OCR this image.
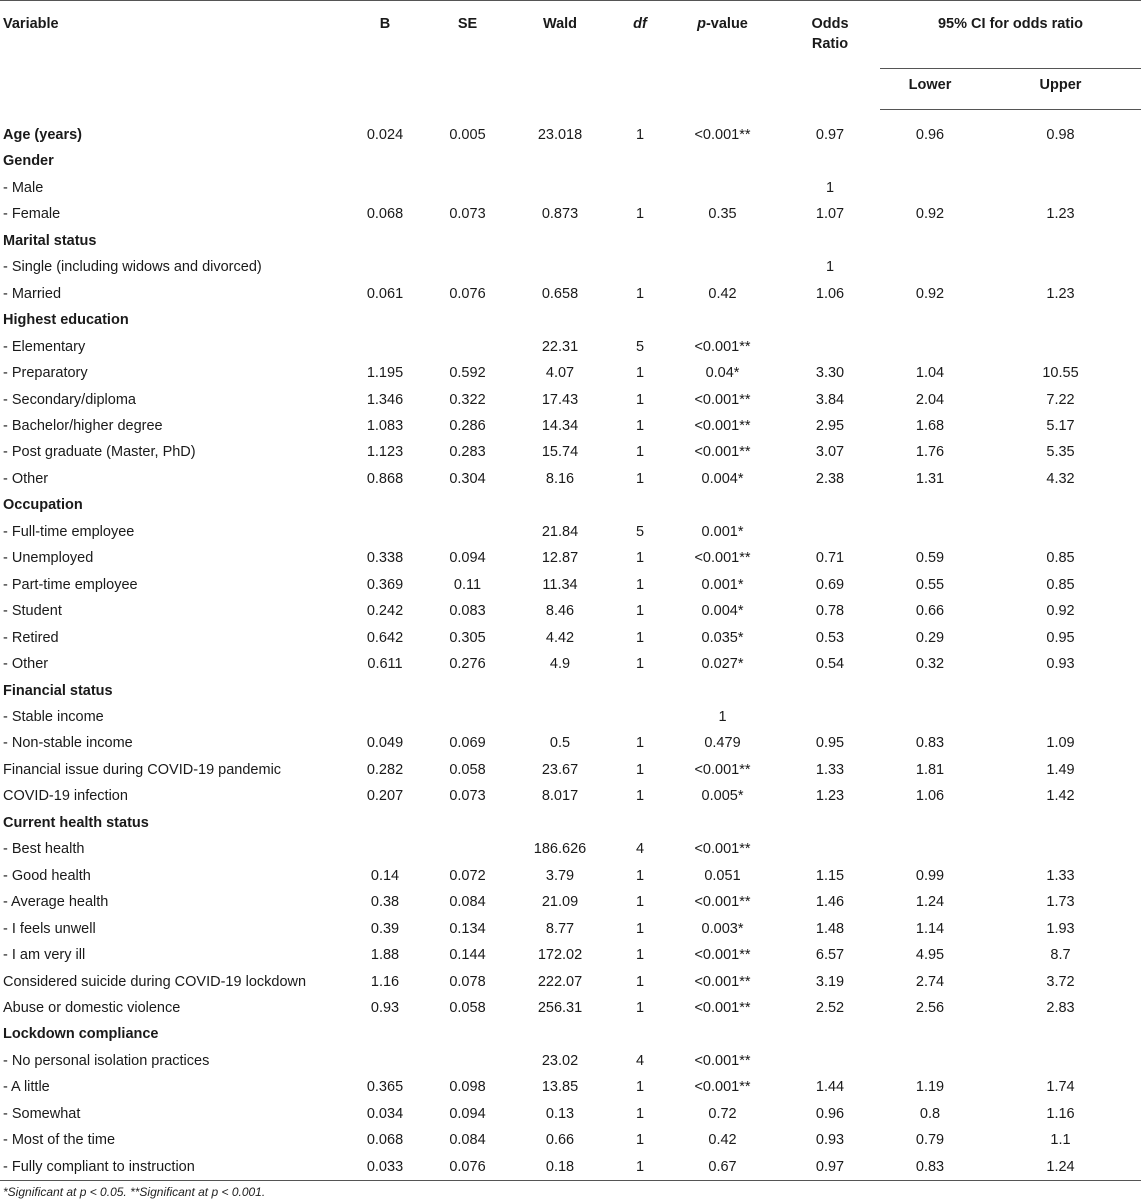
Variable	B	SE	Wald	df	p-value	Odds
Ratio	95% CI for odds ratio	
							Lower	Upper

Age (years)	0.024	0.005	23.018	1	<0.001**	0.97	0.96	0.98
Gender								
- Male						1		
- Female	0.068	0.073	0.873	1	0.35	1.07	0.92	1.23
Marital status								
- Single (including widows and divorced)						1		
- Married	0.061	0.076	0.658	1	0.42	1.06	0.92	1.23
Highest education								
- Elementary			22.31	5	<0.001**			
- Preparatory	1.195	0.592	4.07	1	0.04*	3.30	1.04	10.55
- Secondary/diploma	1.346	0.322	17.43	1	<0.001**	3.84	2.04	7.22
- Bachelor/higher degree	1.083	0.286	14.34	1	<0.001**	2.95	1.68	5.17
- Post graduate (Master, PhD)	1.123	0.283	15.74	1	<0.001**	3.07	1.76	5.35
- Other	0.868	0.304	8.16	1	0.004*	2.38	1.31	4.32
Occupation								
- Full-time employee			21.84	5	0.001*			
- Unemployed	0.338	0.094	12.87	1	<0.001**	0.71	0.59	0.85
- Part-time employee	0.369	0.11	11.34	1	0.001*	0.69	0.55	0.85
- Student	0.242	0.083	8.46	1	0.004*	0.78	0.66	0.92
- Retired	0.642	0.305	4.42	1	0.035*	0.53	0.29	0.95
- Other	0.611	0.276	4.9	1	0.027*	0.54	0.32	0.93
Financial status								
- Stable income					1			
- Non-stable income	0.049	0.069	0.5	1	0.479	0.95	0.83	1.09
Financial issue during COVID-19 pandemic	0.282	0.058	23.67	1	<0.001**	1.33	1.81	1.49
COVID-19 infection	0.207	0.073	8.017	1	0.005*	1.23	1.06	1.42
Current health status								
- Best health			186.626	4	<0.001**			
- Good health	0.14	0.072	3.79	1	0.051	1.15	0.99	1.33
- Average health	0.38	0.084	21.09	1	<0.001**	1.46	1.24	1.73
- I feels unwell	0.39	0.134	8.77	1	0.003*	1.48	1.14	1.93
- I am very ill	1.88	0.144	172.02	1	<0.001**	6.57	4.95	8.7
Considered suicide during COVID-19 lockdown	1.16	0.078	222.07	1	<0.001**	3.19	2.74	3.72
Abuse or domestic violence	0.93	0.058	256.31	1	<0.001**	2.52	2.56	2.83
Lockdown compliance								
- No personal isolation practices			23.02	4	<0.001**			
- A little	0.365	0.098	13.85	1	<0.001**	1.44	1.19	1.74
- Somewhat	0.034	0.094	0.13	1	0.72	0.96	0.8	1.16
- Most of the time	0.068	0.084	0.66	1	0.42	0.93	0.79	1.1
- Fully compliant to instruction	0.033	0.076	0.18	1	0.67	0.97	0.83	1.24
*Significant at p < 0.05. **Significant at p < 0.001.
